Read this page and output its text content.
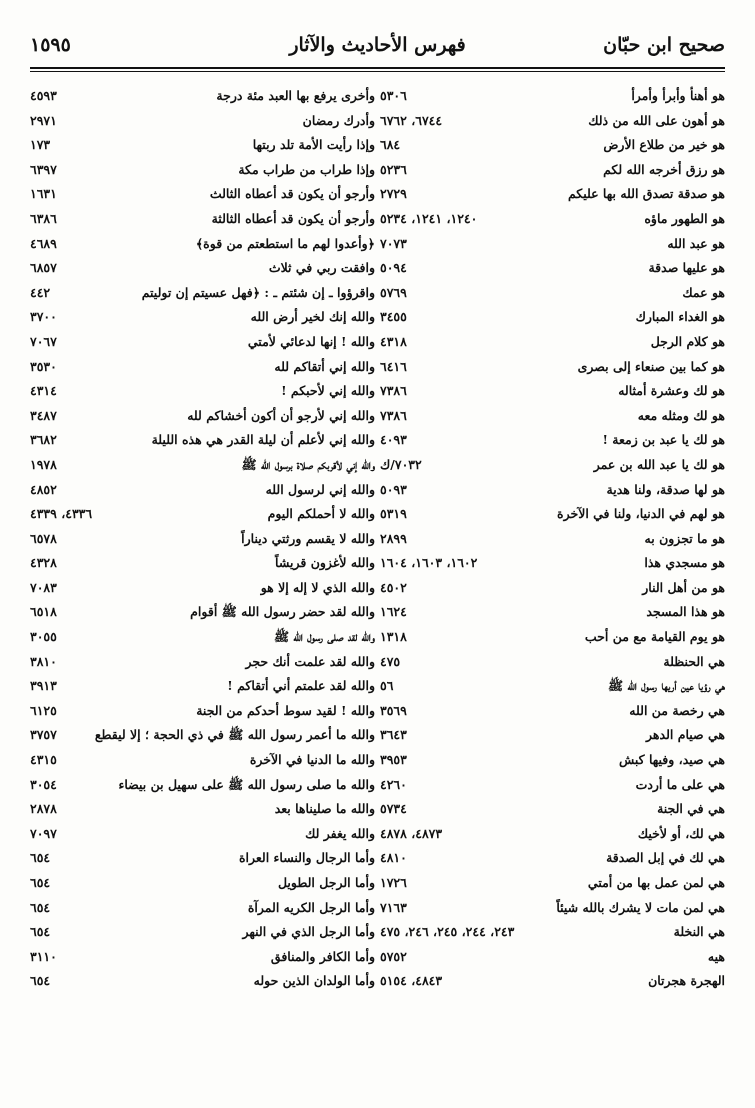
صحيح ابن حبّان
فهرس الأحاديث والآثار
١٥٩٥
هو أهنأ وأبرأ وأمرأ
٥٣٠٦
هو أهون على الله من ذلك
٦٧٤٤، ٦٧٦٢
هو خير من طلاع الأرض
٦٨٤
هو رزق أخرجه الله لكم
٥٢٣٦
هو صدقة تصدق الله بها عليكم
٢٧٢٩
هو الطهور ماؤه
١٢٤٠، ١٢٤١، ٥٢٣٤
هو عبد الله
٧٠٧٣
هو عليها صدقة
٥٠٩٤
هو عمك
٥٧٦٩
هو الغداء المبارك
٣٤٥٥
هو كلام الرجل
٤٣١٨
هو كما بين صنعاء إلى بصرى
٦٤١٦
هو لك وعشرة أمثاله
٧٣٨٦
هو لك ومثله معه
٧٣٨٦
هو لك يا عبد بن زمعة !
٤٠٩٣
هو لك يا عبد الله بن عمر
٧٠٣٢/ك
هو لها صدقة، ولنا هدية
٥٠٩٣
هو لهم في الدنيا، ولنا في الآخرة
٥٣١٩
هو ما تجزون به
٢٨٩٩
هو مسجدي هذا
١٦٠٢، ١٦٠٣، ١٦٠٤
هو من أهل النار
٤٥٠٢
هو هذا المسجد
١٦٢٤
هو يوم القيامة مع من أحب
١٣١٨
هي الحنظلة
٤٧٥
هي رؤيا عين أريها رسول الله ﷺ
٥٦
هي رخصة من الله
٣٥٦٩
هي صيام الدهر
٣٦٤٣
هي صيد، وفيها كبش
٣٩٥٣
هي على ما أردت
٤٢٦٠
هي في الجنة
٥٧٣٤
هي لك، أو لأخيك
٤٨٧٣، ٤٨٧٨
هي لك في إبل الصدقة
٤٨١٠
هي لمن عمل بها من أمتي
١٧٢٦
هي لمن مات لا يشرك بالله شيئاً
٧١٦٣
هي النخلة
٢٤٣، ٢٤٤، ٢٤٥، ٢٤٦، ٤٧٥
هيه
٥٧٥٢
الهجرة هجرتان
٤٨٤٣، ٥١٥٤
وأخرى يرفع بها العبد مئة درجة
٤٥٩٣
وأدرك رمضان
٢٩٧١
وإذا رأيت الأمة تلد ربتها
١٧٣
وإذا طراب من طراب مكة
٦٣٩٧
وأرجو أن يكون قد أعطاه الثالث
١٦٣١
وأرجو أن يكون قد أعطاه الثالثة
٦٣٨٦
﴿وأعدوا لهم ما استطعتم من قوة﴾
٤٦٨٩
وافقت ربي في ثلاث
٦٨٥٧
واقرؤوا ـ إن شئتم ـ : ﴿فهل عسيتم إن توليتم
٤٤٢
والله إنك لخير أرض الله
٣٧٠٠
والله ! إنها لدعائي لأمتي
٧٠٦٧
والله إني أتقاكم لله
٣٥٣٠
والله إني لأحبكم !
٤٣١٤
والله إني لأرجو أن أكون أخشاكم لله
٣٤٨٧
والله إني لأعلم أن ليلة القدر هي هذه الليلة
٣٦٨٢
والله إني لأقربكم صلاة برسول الله ﷺ
١٩٧٨
والله إني لرسول الله
٤٨٥٢
والله لا أحملكم اليوم
٤٣٣٦، ٤٣٣٩
والله لا يقسم ورثتي ديناراً
٦٥٧٨
والله لأغزون قريشاً
٤٣٢٨
والله الذي لا إله إلا هو
٧٠٨٣
والله لقد حضر رسول الله ﷺ أقوام
٦٥١٨
والله لقد صلى رسول الله ﷺ
٣٠٥٥
والله لقد علمت أنك حجر
٣٨١٠
والله لقد علمتم أني أتقاكم !
٣٩١٣
والله ! لقيد سوط أحدكم من الجنة
٦١٢٥
والله ما أعمر رسول الله ﷺ في ذي الحجة ؛ إلا ليقطع
٣٧٥٧
والله ما الدنيا في الآخرة
٤٣١٥
والله ما صلى رسول الله ﷺ على سهيل بن بيضاء
٣٠٥٤
والله ما صليناها بعد
٢٨٧٨
والله يغفر لك
٧٠٩٧
وأما الرجال والنساء العراة
٦٥٤
وأما الرجل الطويل
٦٥٤
وأما الرجل الكريه المرآة
٦٥٤
وأما الرجل الذي في النهر
٦٥٤
وأما الكافر والمنافق
٣١١٠
وأما الولدان الذين حوله
٦٥٤
